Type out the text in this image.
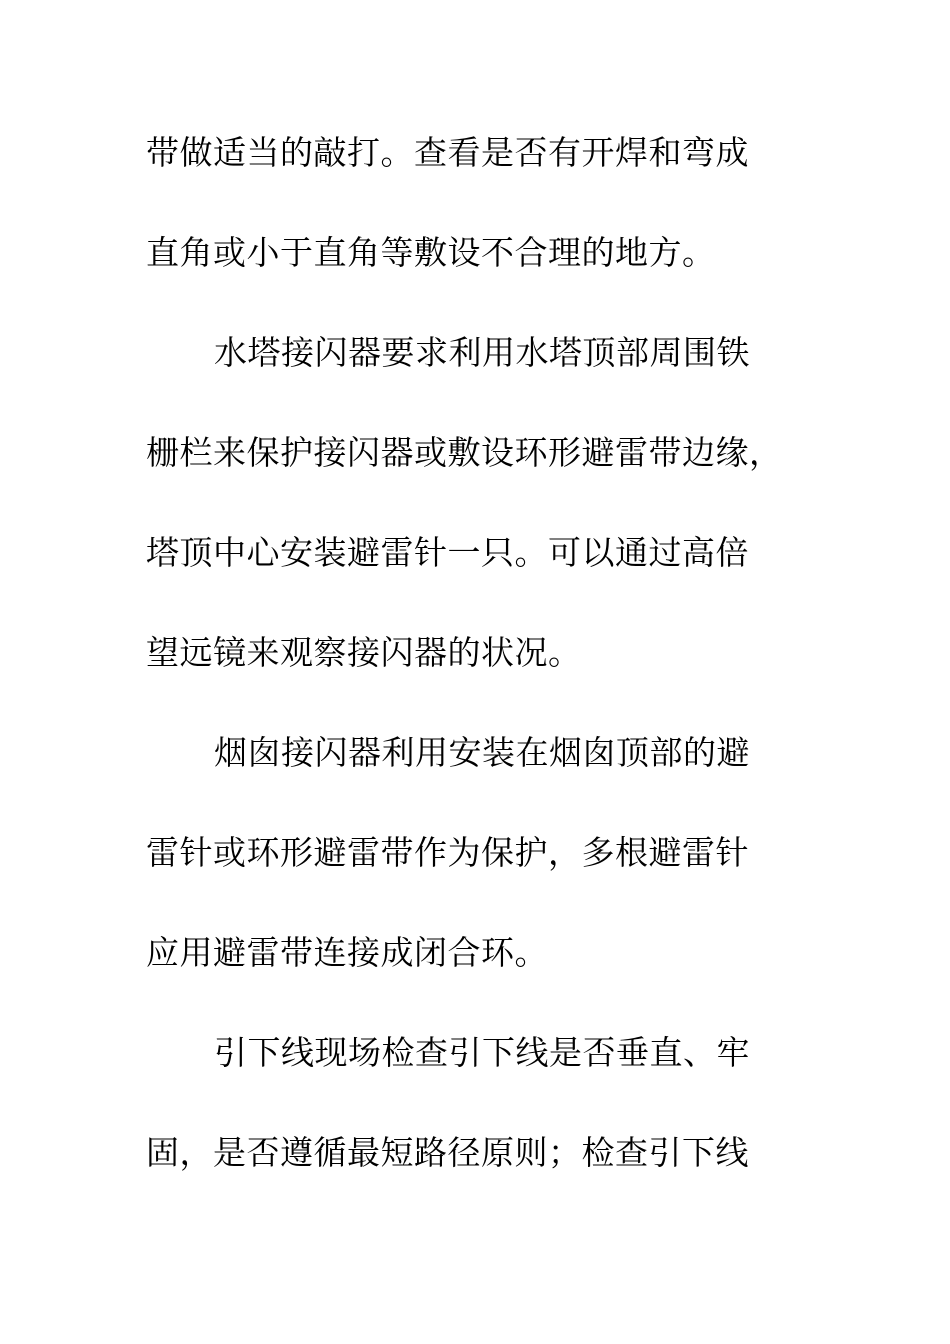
带做适当的敲打。查看是否有开焊和弯成
直角或小于直角等敷设不合理的地方。
水塔接闪器要求利用水塔顶部周围铁
栅栏来保护接闪器或敷设环形避雷带边缘，
塔顶中心安装避雷针一只。可以通过高倍
望远镜来观察接闪器的状况。
烟囱接闪器利用安装在烟囱顶部的避
雷针或环形避雷带作为保护，多根避雷针
应用避雷带连接成闭合环。
引下线现场检查引下线是否垂直、牢
固，是否遵循最短路径原则；检查引下线
